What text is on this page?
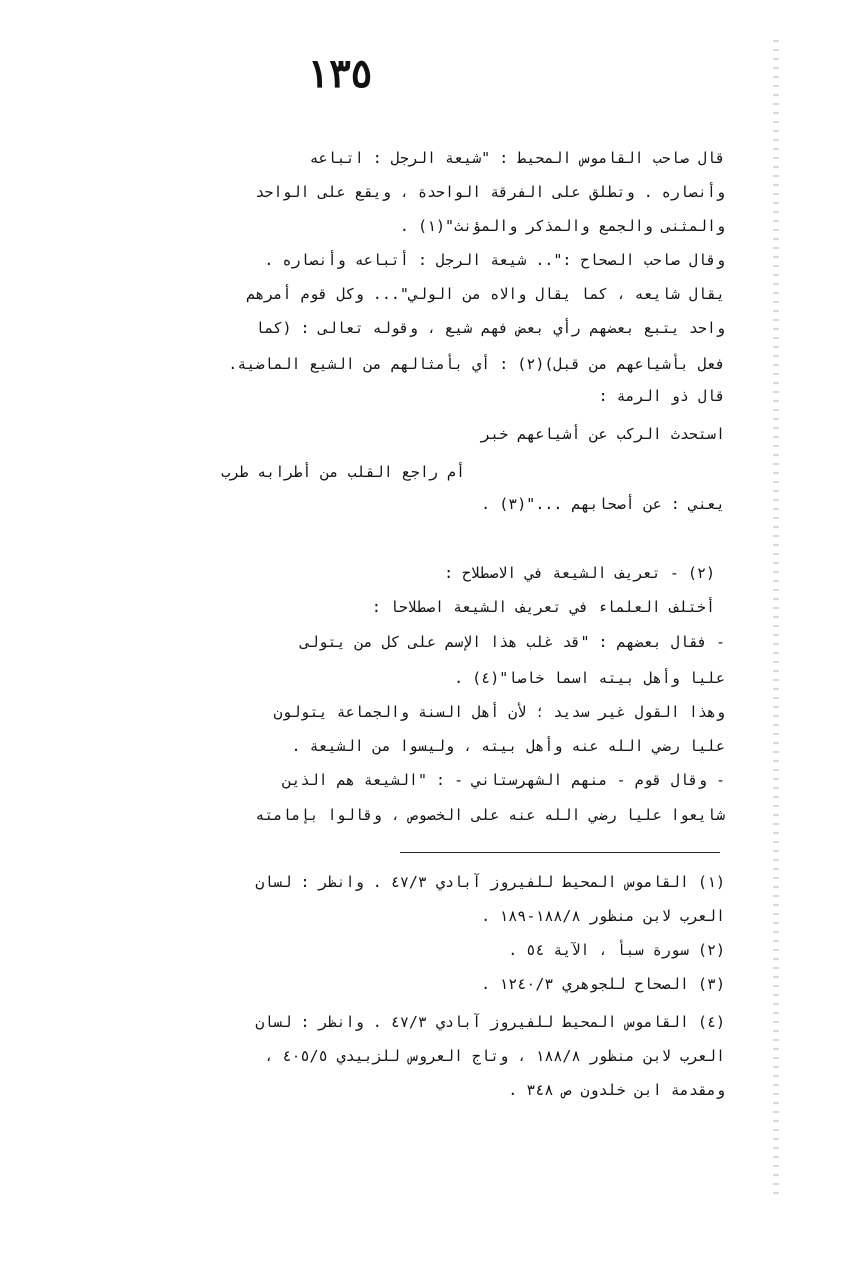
١٣٥
قال صاحب القاموس المحيط : "شيعة الرجل : اتباعه
وأنصاره . وتطلق على الفرقة الواحدة ، ويقع على الواحد
والمثنى والجمع والمذكر والمؤنث"(١) .
وقال صاحب الصحاح :".. شيعة الرجل : أتباعه وأنصاره .
يقال شايعه ، كما يقال والاه من الولي"... وكل قوم أمرهم
واحد يتبع بعضهم رأي بعض فهم شيع ، وقوله تعالى : (كما
فعل بأشياعهم من قبل)(٢) : أي بأمثالهم من الشيع الماضية.
قال ذو الرمة :
استحدث الركب عن أشياعهم خبر
أم راجع القلب من أطرابه طرب
يعني : عن أصحابهم ..."(٣) .
(٢) - تعريف الشيعة في الاصطلاح :
أختلف العلماء في تعريف الشيعة اصطلاحا :
- فقال بعضهم : "قد غلب هذا الإسم على كل من يتولى
عليا وأهل بيته اسما خاصا"(٤) .
وهذا القول غير سديد ؛ لأن أهل السنة والجماعة يتولون
عليا رضي الله عنه وأهل بيته ، وليسوا من الشيعة .
- وقال قوم - منهم الشهرستاني - : "الشيعة هم الذين
شايعوا عليا رضي الله عنه على الخصوص ، وقالوا بإمامته
(١) القاموس المحيط للفيروز آبادي ٤٧/٣ . وانظر : لسان
العرب لابن منظور ١٨٨/٨-١٨٩ .
(٢) سورة سبأ ، الآية ٥٤ .
(٣) الصحاح للجوهري ١٢٤٠/٣ .
(٤) القاموس المحيط للفيروز آبادي ٤٧/٣ . وانظر : لسان
العرب لابن منظور ١٨٨/٨ ، وتاج العروس للزبيدي ٤٠٥/٥ ،
ومقدمة ابن خلدون ص ٣٤٨ .
